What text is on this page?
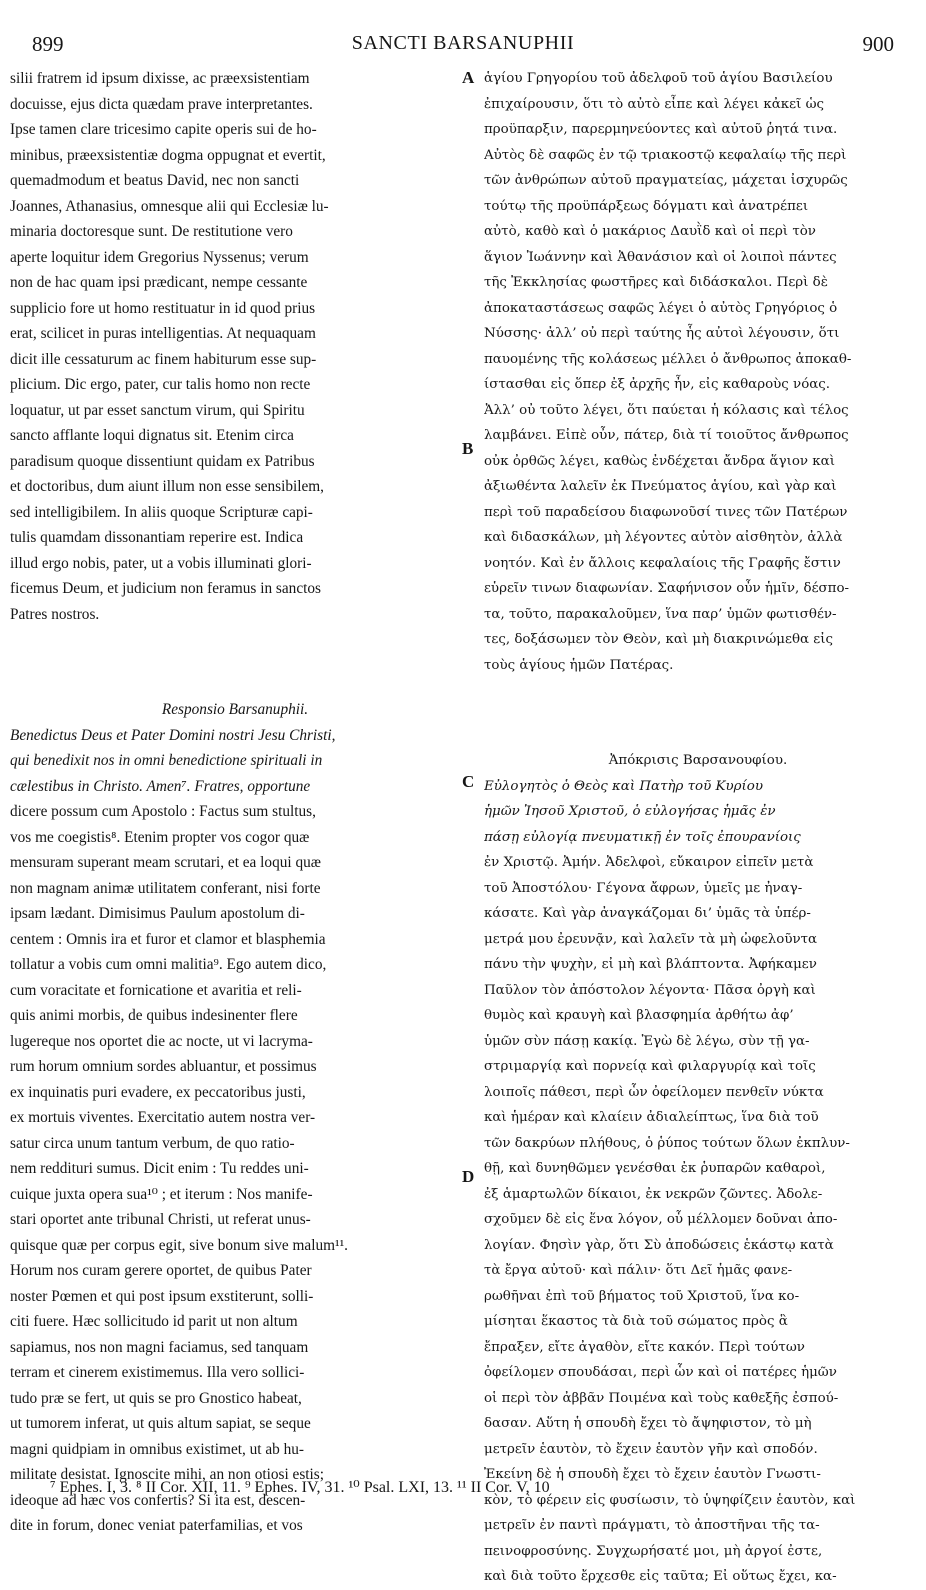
899	SANCTI BARSANUPHII	900
silii fratrem id ipsum dixisse, ac præexsistentiam
docuisse, ejus dicta quædam prave interpretantes.
Ipse tamen clare tricesimo capite operis sui de ho-
minibus, præexsistentiæ dogma oppugnat et evertit,
quemadmodum et beatus David, nec non sancti
Joannes, Athanasius, omnesque alii qui Ecclesiæ lu-
minaria doctoresque sunt. De restitutione vero
aperte loquitur idem Gregorius Nyssenus; verum
non de hac quam ipsi prædicant, nempe cessante
supplicio fore ut homo restituatur in id quod prius
erat, scilicet in puras intelligentias. At nequaquam
dicit ille cessaturum ac finem habiturum esse sup-
plicium. Dic ergo, pater, cur talis homo non recte
loquatur, ut par esset sanctum virum, qui Spiritu
sancto afflante loqui dignatus sit. Etenim circa
paradisum quoque dissentiunt quidam ex Patribus
et doctoribus, dum aiunt illum non esse sensibilem,
sed intelligibilem. In aliis quoque Scripturæ capi-
tulis quamdam dissonantiam reperire est. Indica
illud ergo nobis, pater, ut a vobis illuminati glori-
ficemus Deum, et judicium non feramus in sanctos
Patres nostros.
Responsio Barsanuphii.
Benedictus Deus et Pater Domini nostri Jesu Christi,
qui benedixit nos in omni benedictione spirituali in
cælestibus in Christo. Amen⁷. Fratres, opportune
dicere possum cum Apostolo : Factus sum stultus,
vos me coegistis⁸. Etenim propter vos cogor quæ
mensuram superant meam scrutari, et ea loqui quæ
non magnam animæ utilitatem conferant, nisi forte
ipsam lædant. Dimisimus Paulum apostolum di-
centem : Omnis ira et furor et clamor et blasphemia
tollatur a vobis cum omni malitia⁹. Ego autem dico,
cum voracitate et fornicatione et avaritia et reli-
quis animi morbis, de quibus indesinenter flere
lugereque nos oportet die ac nocte, ut vi lacryma-
rum horum omnium sordes abluantur, et possimus
ex inquinatis puri evadere, ex peccatoribus justi,
ex mortuis viventes. Exercitatio autem nostra ver-
satur circa unum tantum verbum, de quo ratio-
nem reddituri sumus. Dicit enim : Tu reddes uni-
cuique juxta opera sua¹⁰ ; et iterum : Nos manife-
stari oportet ante tribunal Christi, ut referat unus-
quisque quæ per corpus egit, sive bonum sive malum¹¹.
Horum nos curam gerere oportet, de quibus Pater
noster Pœmen et qui post ipsum exstiterunt, solli-
citi fuere. Hæc sollicitudo id parit ut non altum
sapiamus, nos non magni faciamus, sed tanquam
terram et cinerem existimemus. Illa vero sollici-
tudo præ se fert, ut quis se pro Gnostico habeat,
ut tumorem inferat, ut quis altum sapiat, se seque
magni quidpiam in omnibus existimet, ut ab hu-
militate desistat. Ignoscite mihi, an non otiosi estis;
ideoque ad hæc vos confertis? Si ita est, descen-
dite in forum, donec veniat paterfamilias, et vos
ἁγίου Γρηγορίου τοῦ ἀδελφοῦ τοῦ ἁγίου Βασιλείου
ἐπιχαίρουσιν, ὅτι τὸ αὐτὸ εἶπε καὶ λέγει κἀκεῖ ὡς
προϋπαρξιν, παρερμηνεύοντες καὶ αὐτοῦ ῥητά τινα.
Αὐτὸς δὲ σαφῶς ἐν τῷ τριακοστῷ κεφαλαίῳ τῆς περὶ
τῶν ἀνθρώπων αὐτοῦ πραγματείας, μάχεται ἰσχυρῶς
τούτῳ τῆς προϋπάρξεως δόγματι καὶ ἀνατρέπει
αὐτὸ, καθὸ καὶ ὁ μακάριος Δαυῒδ καὶ οἱ περὶ τὸν
ἅγιον Ἰωάννην καὶ Ἀθανάσιον καὶ οἱ λοιποὶ πάντες
τῆς Ἐκκλησίας φωστῆρες καὶ διδάσκαλοι. Περὶ δὲ
ἀποκαταστάσεως σαφῶς λέγει ὁ αὐτὸς Γρηγόριος ὁ
Νύσσης· ἀλλ’ οὐ περὶ ταύτης ἧς αὐτοὶ λέγουσιν, ὅτι
παυομένης τῆς κολάσεως μέλλει ὁ ἄνθρωπος ἀποκαθ-
ίστασθαι εἰς ὅπερ ἐξ ἀρχῆς ἦν, εἰς καθαροὺς νόας.
Ἀλλ’ οὐ τοῦτο λέγει, ὅτι παύεται ἡ κόλασις καὶ τέλος
λαμβάνει. Εἰπὲ οὖν, πάτερ, διὰ τί τοιοῦτος ἄνθρωπος
οὐκ ὀρθῶς λέγει, καθὼς ἐνδέχεται ἄνδρα ἅγιον καὶ
ἀξιωθέντα λαλεῖν ἐκ Πνεύματος ἁγίου, καὶ γὰρ καὶ
περὶ τοῦ παραδείσου διαφωνοῦσί τινες τῶν Πατέρων
καὶ διδασκάλων, μὴ λέγοντες αὐτὸν αἰσθητὸν, ἀλλὰ
νοητόν. Καὶ ἐν ἄλλοις κεφαλαίοις τῆς Γραφῆς ἔστιν
εὑρεῖν τινων διαφωνίαν. Σαφήνισον οὖν ἡμῖν, δέσπο-
τα, τοῦτο, παρακαλοῦμεν, ἵνα παρ’ ὑμῶν φωτισθέν-
τες, δοξάσωμεν τὸν Θεὸν, καὶ μὴ διακρινώμεθα εἰς
τοὺς ἁγίους ἡμῶν Πατέρας.
Ἀπόκρισις Βαρσανουφίου.
Εὐλογητὸς ὁ Θεὸς καὶ Πατὴρ τοῦ Κυρίου
ἡμῶν Ἰησοῦ Χριστοῦ, ὁ εὐλογήσας ἡμᾶς ἐν
πάσῃ εὐλογίᾳ πνευματικῇ ἐν τοῖς ἐπουρανίοις
ἐν Χριστῷ. Ἀμήν. Ἀδελφοὶ, εὔκαιρον εἰπεῖν μετὰ
τοῦ Ἀποστόλου· Γέγονα ἄφρων, ὑμεῖς με ἠναγ-
κάσατε. Καὶ γὰρ ἀναγκάζομαι δι’ ὑμᾶς τὰ ὑπέρ-
μετρά μου ἐρευνᾷν, καὶ λαλεῖν τὰ μὴ ὠφελοῦντα
πάνυ τὴν ψυχὴν, εἰ μὴ καὶ βλάπτοντα. Ἀφήκαμεν
Παῦλον τὸν ἀπόστολον λέγοντα· Πᾶσα ὀργὴ καὶ
θυμὸς καὶ κραυγὴ καὶ βλασφημία ἀρθήτω ἀφ’
ὑμῶν σὺν πάσῃ κακίᾳ. Ἐγὼ δὲ λέγω, σὺν τῇ γα-
στριμαργίᾳ καὶ πορνείᾳ καὶ φιλαργυρίᾳ καὶ τοῖς
λοιποῖς πάθεσι, περὶ ὧν ὀφείλομεν πενθεῖν νύκτα
καὶ ἡμέραν καὶ κλαίειν ἀδιαλείπτως, ἵνα διὰ τοῦ
τῶν δακρύων πλήθους, ὁ ῥύπος τούτων ὅλων ἐκπλυν-
θῇ, καὶ δυνηθῶμεν γενέσθαι ἐκ ῥυπαρῶν καθαροὶ,
ἐξ ἁμαρτωλῶν δίκαιοι, ἐκ νεκρῶν ζῶντες. Ἀδολε-
σχοῦμεν δὲ εἰς ἕνα λόγον, οὗ μέλλομεν δοῦναι ἀπο-
λογίαν. Φησὶν γὰρ, ὅτι Σὺ ἀποδώσεις ἑκάστῳ κατὰ
τὰ ἔργα αὐτοῦ· καὶ πάλιν· ὅτι Δεῖ ἡμᾶς φανε-
ρωθῆναι ἐπὶ τοῦ βήματος τοῦ Χριστοῦ, ἵνα κο-
μίσηται ἕκαστος τὰ διὰ τοῦ σώματος πρὸς ἃ
ἔπραξεν, εἴτε ἀγαθὸν, εἴτε κακόν. Περὶ τούτων
ὀφείλομεν σπουδάσαι, περὶ ὧν καὶ οἱ πατέρες ἡμῶν
οἱ περὶ τὸν ἀββᾶν Ποιμένα καὶ τοὺς καθεξῆς ἐσπού-
δασαν. Αὕτη ἡ σπουδὴ ἔχει τὸ ἄψηφιστον, τὸ μὴ
μετρεῖν ἑαυτὸν, τὸ ἔχειν ἑαυτὸν γῆν καὶ σποδόν.
Ἐκείνη δὲ ἡ σπουδὴ ἔχει τὸ ἔχειν ἑαυτὸν Γνωστι-
κὸν, τὸ φέρειν εἰς φυσίωσιν, τὸ ὑψηφίζειν ἑαυτὸν, καὶ
μετρεῖν ἐν παντὶ πράγματι, τὸ ἀποστῆναι τῆς τα-
πεινοφροσύνης. Συγχωρήσατέ μοι, μὴ ἀργοί ἐστε,
καὶ διὰ τοῦτο ἔρχεσθε εἰς ταῦτα; Εἰ οὕτως ἔχει, κα-
A
B
C
D
⁷ Ephes. I, 3. ⁸ II Cor. XII, 11. ⁹ Ephes. IV, 31. ¹⁰ Psal. LXI, 13. ¹¹ II Cor. V, 10
